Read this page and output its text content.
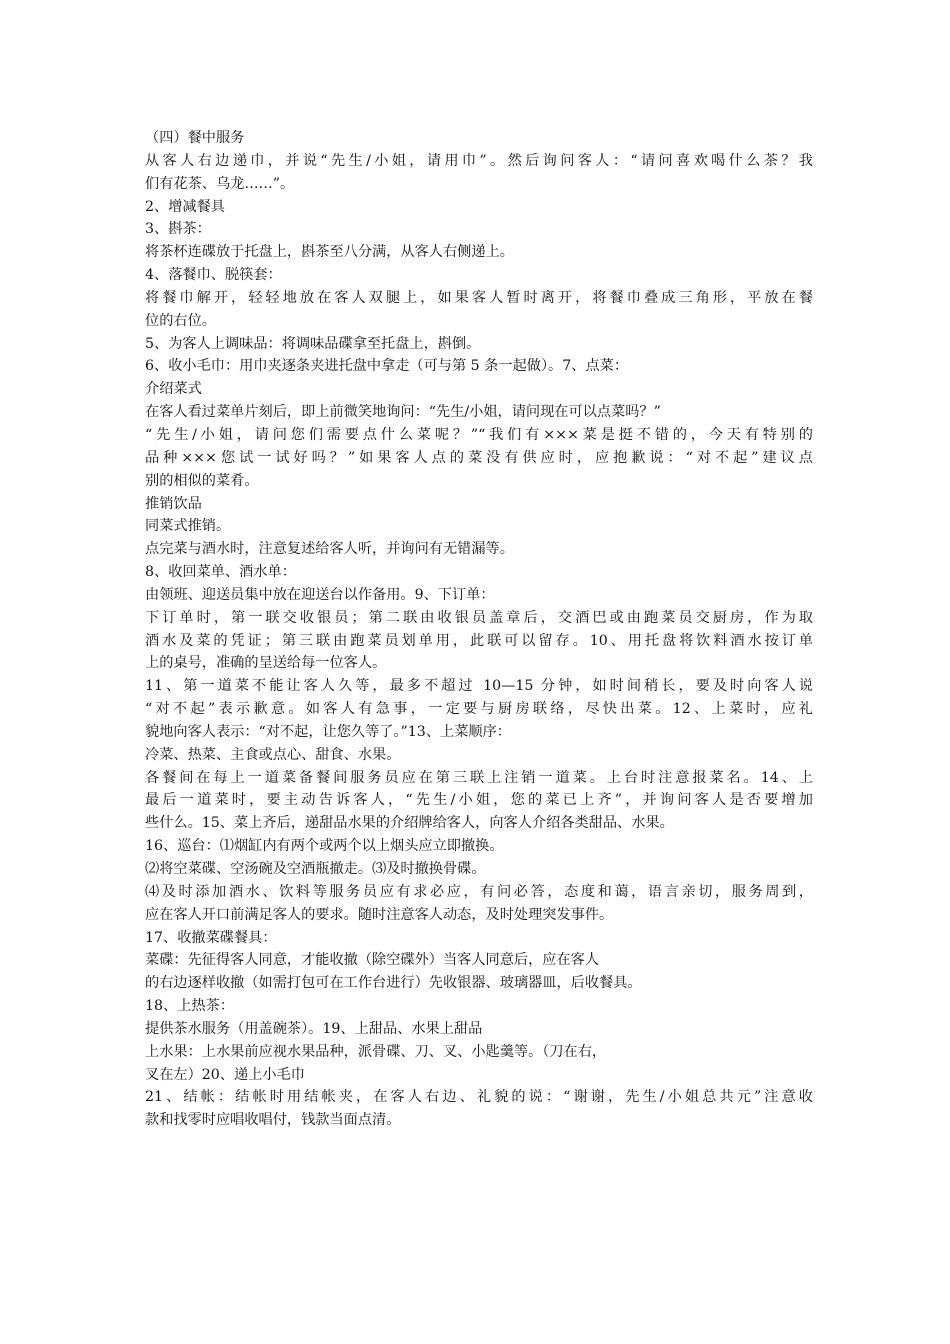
（四）餐中服务
从客人右边递巾，并说“先生/小姐，请用巾”。然后询问客人：“请问喜欢喝什么茶？我
们有花茶、乌龙……”。
2、增减餐具
3、斟茶：
将茶杯连碟放于托盘上，斟茶至八分满，从客人右侧递上。
4、落餐巾、脱筷套：
将餐巾解开，轻轻地放在客人双腿上，如果客人暂时离开，将餐巾叠成三角形，平放在餐
位的右位。
5、为客人上调味品：将调味品碟拿至托盘上，斟倒。
6、收小毛巾：用巾夹逐条夹进托盘中拿走（可与第 5 条一起做）。7、点菜：
介绍菜式
在客人看过菜单片刻后，即上前微笑地询问：“先生/小姐，请问现在可以点菜吗？”
“先生/小姐，请问您们需要点什么菜呢？”“我们有×××菜是挺不错的，今天有特别的
品种×××您试一试好吗？”如果客人点的菜没有供应时，应抱歉说：“对不起”建议点
别的相似的菜肴。
推销饮品
同菜式推销。
点完菜与酒水时，注意复述给客人听，并询问有无错漏等。
8、收回菜单、酒水单：
由领班、迎送员集中放在迎送台以作备用。9、下订单：
下订单时，第一联交收银员；第二联由收银员盖章后，交酒巴或由跑菜员交厨房，作为取
酒水及菜的凭证；第三联由跑菜员划单用，此联可以留存。10、用托盘将饮料酒水按订单
上的桌号，准确的呈送给每一位客人。
11、第一道菜不能让客人久等，最多不超过 10—15 分钟，如时间稍长，要及时向客人说
“对不起”表示歉意。如客人有急事，一定要与厨房联络，尽快出菜。12、上菜时，应礼
貌地向客人表示：“对不起，让您久等了。”13、上菜顺序：
冷菜、热菜、主食或点心、甜食、水果。
各餐间在每上一道菜备餐间服务员应在第三联上注销一道菜。上台时注意报菜名。14、上
最后一道菜时，要主动告诉客人，“先生/小姐，您的菜已上齐”，并询问客人是否要增加
些什么。15、菜上齐后，递甜品水果的介绍牌给客人，向客人介绍各类甜品、水果。
16、巡台：⑴烟缸内有两个或两个以上烟头应立即撤换。
⑵将空菜碟、空汤碗及空酒瓶撤走。⑶及时撤换骨碟。
⑷及时添加酒水、饮料等服务员应有求必应，有问必答，态度和蔼，语言亲切，服务周到，
应在客人开口前满足客人的要求。随时注意客人动态，及时处理突发事件。
17、收撤菜碟餐具：
菜碟：先征得客人同意，才能收撤（除空碟外）当客人同意后，应在客人
的右边逐样收撤（如需打包可在工作台进行）先收银器、玻璃器皿，后收餐具。
18、上热茶：
提供茶水服务（用盖碗茶）。19、上甜品、水果上甜品
上水果：上水果前应视水果品种，派骨碟、刀、叉、小匙羹等。（刀在右，
叉在左）20、递上小毛巾
21、结帐：结帐时用结帐夹，在客人右边、礼貌的说：“谢谢，先生/小姐总共元”注意收
款和找零时应唱收唱付，钱款当面点清。
